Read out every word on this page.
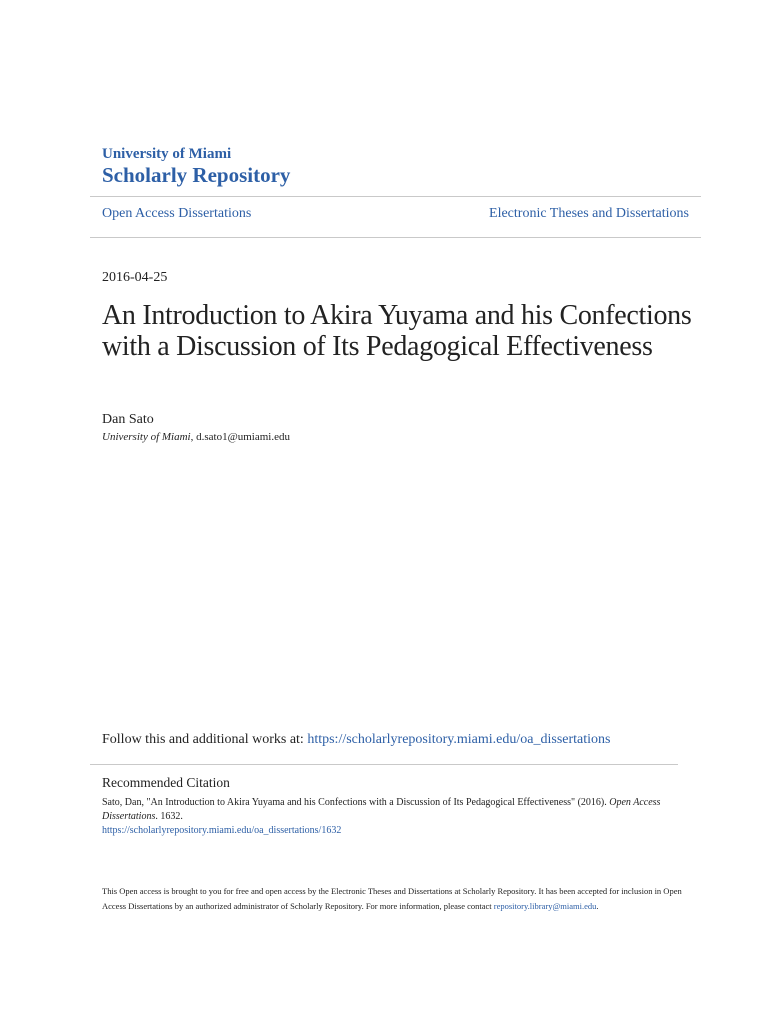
University of Miami
Scholarly Repository
Open Access Dissertations	Electronic Theses and Dissertations
2016-04-25
An Introduction to Akira Yuyama and his Confections with a Discussion of Its Pedagogical Effectiveness
Dan Sato
University of Miami, d.sato1@umiami.edu
Follow this and additional works at: https://scholarlyrepository.miami.edu/oa_dissertations
Recommended Citation
Sato, Dan, "An Introduction to Akira Yuyama and his Confections with a Discussion of Its Pedagogical Effectiveness" (2016). Open Access Dissertations. 1632.
https://scholarlyrepository.miami.edu/oa_dissertations/1632
This Open access is brought to you for free and open access by the Electronic Theses and Dissertations at Scholarly Repository. It has been accepted for inclusion in Open Access Dissertations by an authorized administrator of Scholarly Repository. For more information, please contact repository.library@miami.edu.
